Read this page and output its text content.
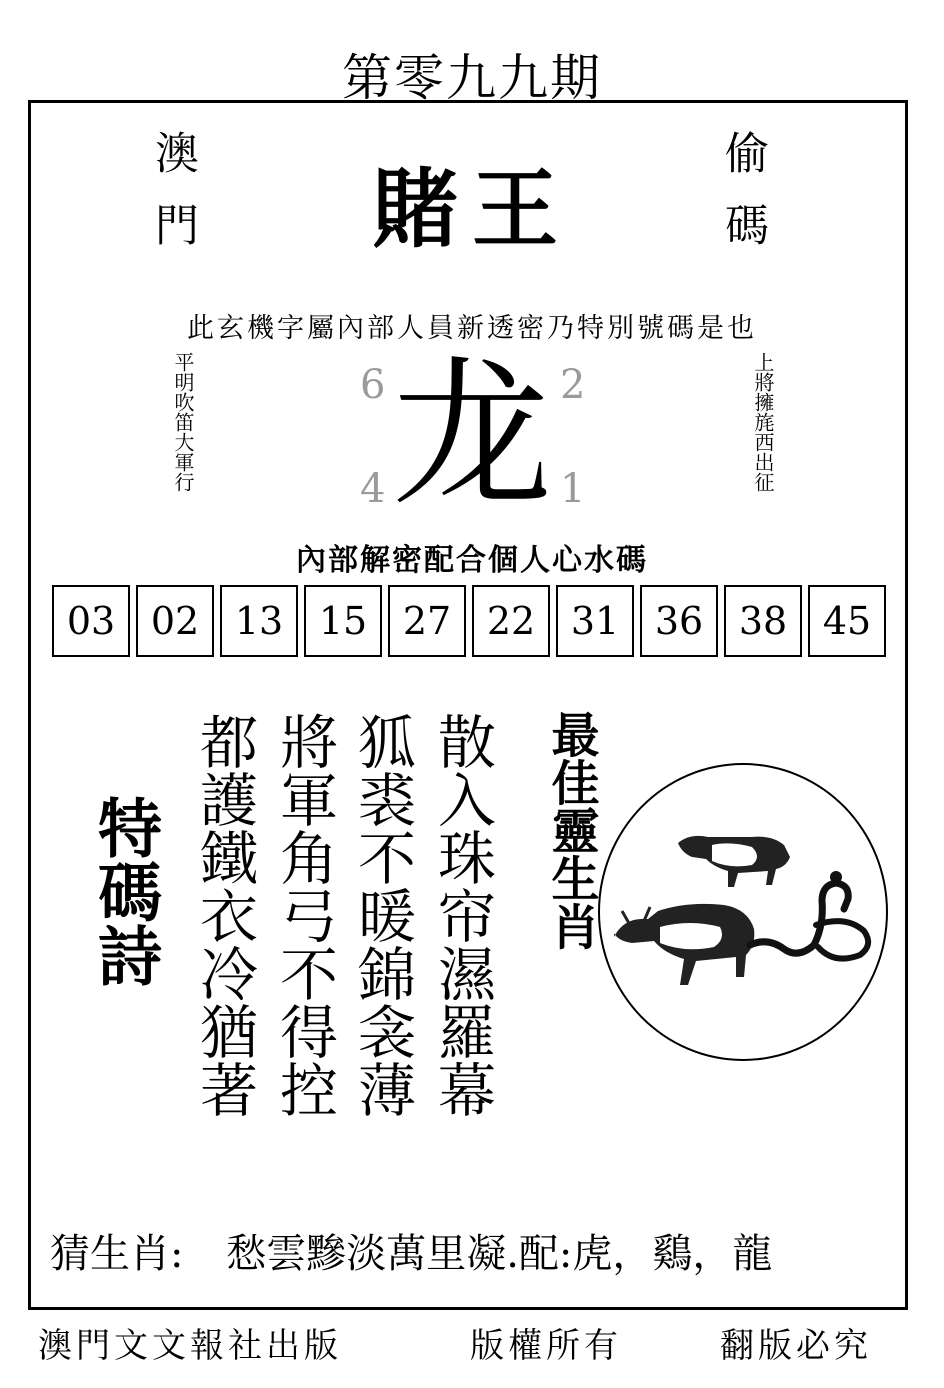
第零九九期
澳門	偷碼
賭王
此玄機字屬內部人員新透密乃特別號碼是也
平明吹笛大軍行	上將擁旄西出征
6	2
4	1
龙
內部解密配合個人心水碼
03 02 13 15 27 22 31 36 38 45
特碼詩	散入珠帘濕羅幕
狐裘不暖錦衾薄
將軍角弓不得控
都護鐵衣冷猶著	最佳靈生肖
猜生肖: 愁雲黲淡萬里凝.配:虎，鷄，龍
澳門文文報社出版	版權所有	翻版必究
